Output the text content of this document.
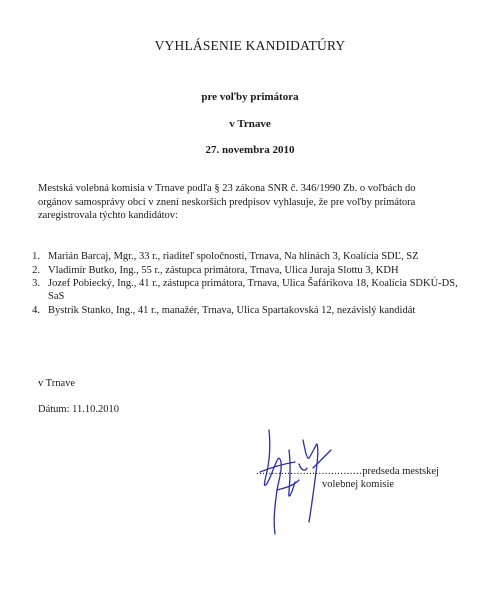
VYHLÁSENIE KANDIDATÚRY
pre voľby primátora
v Trnave
27. novembra 2010
Mestská volebná komisia v Trnave podľa § 23 zákona SNR č. 346/1990 Zb. o voľbách do orgánov samosprávy obcí v znení neskorších predpisov vyhlasuje, že pre voľby primátora zaregistrovala týchto kandidátov:
1. Marián Barcaj, Mgr., 33 r., riaditeľ spoločnosti, Trnava, Na hlinách 3, Koalícia SDĽ, SZ
2. Vladimír Butko, Ing., 55 r., zástupca primátora, Trnava, Ulica Juraja Slottu 3, KDH
3. Jozef Pobiecký, Ing., 41 r., zástupca primátora, Trnava, Ulica Šafárikova 18, Koalícia SDKÚ-DS, SaS
4. Bystrík Stanko, Ing., 41 r., manažér, Trnava, Ulica Spartakovská 12, nezávislý kandidát
v Trnave
Dátum: 11.10.2010
..................................predseda mestskej
volebnej komisie
